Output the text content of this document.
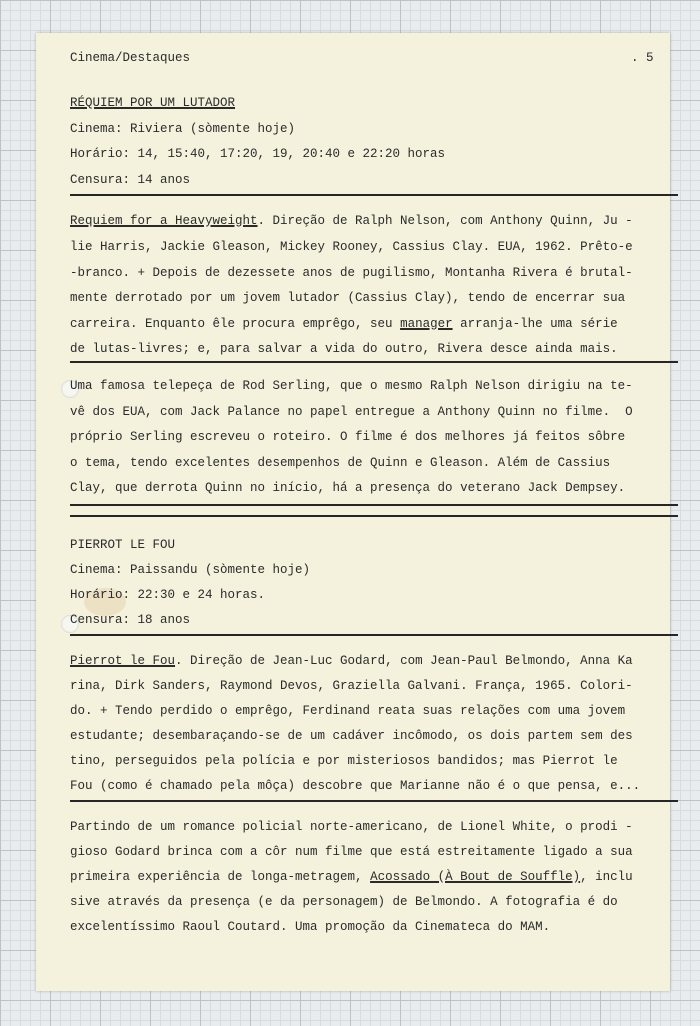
Cinema/Destaques	. 5
RÉQUIEM POR UM LUTADOR
Cinema: Riviera (sòmente hoje)
Horário: 14, 15:40, 17:20, 19, 20:40 e 22:20 horas
Censura: 14 anos
Requiem for a Heavyweight. Direção de Ralph Nelson, com Anthony Quinn, Ju -
lie Harris, Jackie Gleason, Mickey Rooney, Cassius Clay. EUA, 1962. Prêto-e
-branco. + Depois de dezessete anos de pugilismo, Montanha Rivera é brutal-
mente derrotado por um jovem lutador (Cassius Clay), tendo de encerrar sua
carreira. Enquanto êle procura emprêgo, seu manager arranja-lhe uma série
de lutas-livres; e, para salvar a vida do outro, Rivera desce ainda mais.
Uma famosa telepeça de Rod Serling, que o mesmo Ralph Nelson dirigiu na te-
vê dos EUA, com Jack Palance no papel entregue a Anthony Quinn no filme.  O
próprio Serling escreveu o roteiro. O filme é dos melhores já feitos sôbre
o tema, tendo excelentes desempenhos de Quinn e Gleason. Além de Cassius
Clay, que derrota Quinn no início, há a presença do veterano Jack Dempsey.
PIERROT LE FOU
Cinema: Paissandu (sòmente hoje)
Horário: 22:30 e 24 horas.
Censura: 18 anos
Pierrot le Fou. Direção de Jean-Luc Godard, com Jean-Paul Belmondo, Anna Ka
rina, Dirk Sanders, Raymond Devos, Graziella Galvani. França, 1965. Colori-
do. + Tendo perdido o emprêgo, Ferdinand reata suas relações com uma jovem
estudante; desembaraçando-se de um cadáver incômodo, os dois partem sem des
tino, perseguidos pela polícia e por misteriosos bandidos; mas Pierrot le
Fou (como é chamado pela môça) descobre que Marianne não é o que pensa, e...
Partindo de um romance policial norte-americano, de Lionel White, o prodi -
gioso Godard brinca com a côr num filme que está estreitamente ligado a sua
primeira experiência de longa-metragem, Acossado (À Bout de Souffle), inclu
sive através da presença (e da personagem) de Belmondo. A fotografia é do
excelentíssimo Raoul Coutard. Uma promoção da Cinemateca do MAM.
